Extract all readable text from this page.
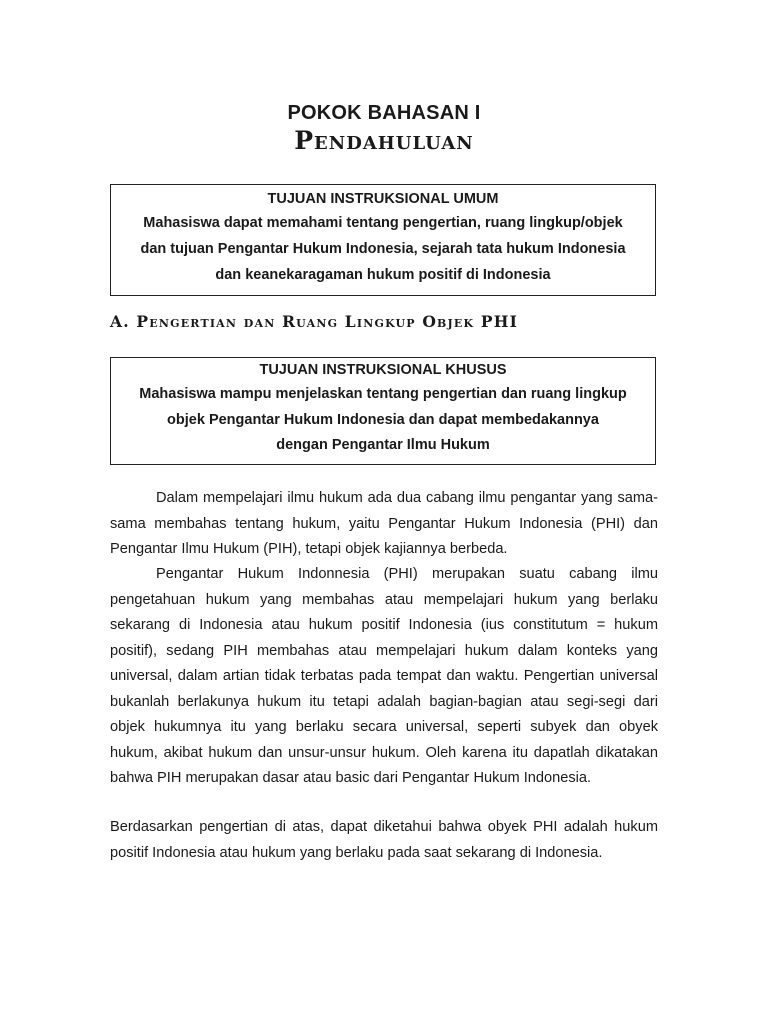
POKOK BAHASAN I
Pendahuluan
TUJUAN INSTRUKSIONAL UMUM
Mahasiswa dapat memahami tentang pengertian, ruang lingkup/objek
dan tujuan Pengantar Hukum Indonesia, sejarah tata hukum Indonesia
dan keanekaragaman hukum positif di Indonesia
A. Pengertian dan Ruang Lingkup Objek PHI
TUJUAN INSTRUKSIONAL KHUSUS
Mahasiswa mampu menjelaskan tentang pengertian dan ruang lingkup
objek Pengantar Hukum Indonesia dan dapat membedakannya
dengan Pengantar Ilmu Hukum

Dalam mempelajari ilmu hukum ada dua cabang ilmu pengantar yang sama-sama membahas tentang hukum, yaitu Pengantar Hukum Indonesia (PHI) dan Pengantar Ilmu Hukum (PIH), tetapi objek kajiannya berbeda.

Pengantar Hukum Indonnesia (PHI) merupakan suatu cabang ilmu pengetahuan hukum yang membahas atau mempelajari hukum yang berlaku sekarang di Indonesia atau hukum positif Indonesia (ius constitutum = hukum positif), sedang PIH membahas atau mempelajari hukum dalam konteks yang universal, dalam artian tidak terbatas pada tempat dan waktu. Pengertian universal bukanlah berlakunya hukum itu tetapi adalah bagian-bagian atau segi-segi dari objek hukumnya itu yang berlaku secara universal, seperti subyek dan obyek hukum, akibat hukum dan unsur-unsur hukum. Oleh karena itu dapatlah dikatakan bahwa PIH merupakan dasar atau basic dari Pengantar Hukum Indonesia.

Berdasarkan pengertian di atas, dapat diketahui bahwa obyek PHI adalah hukum positif Indonesia atau hukum yang berlaku pada saat sekarang di Indonesia.
